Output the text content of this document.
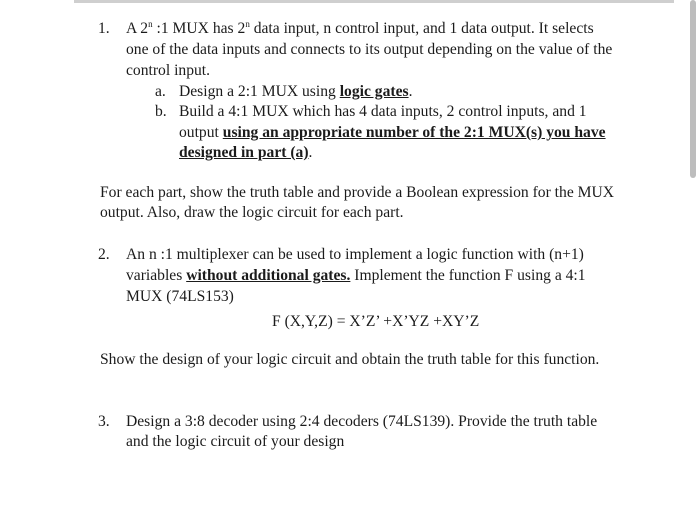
1. A 2$^n$ :1 MUX has 2$^n$ data input, n control input, and 1 data output. It selects
one of the data inputs and connects to its output depending on the value of the
control input.
a. Design a 2:1 MUX using logic gates.
b. Build a 4:1 MUX which has 4 data inputs, 2 control inputs, and 1
output using an appropriate number of the 2:1 MUX(s) you have
designed in part (a).
For each part, show the truth table and provide a Boolean expression for the MUX
output. Also, draw the logic circuit for each part.
2. An n :1 multiplexer can be used to implement a logic function with (n+1)
variables without additional gates. Implement the function F using a 4:1
MUX (74LS153)
F (X,Y,Z) = X’Z’ +X’YZ +XY’Z
Show the design of your logic circuit and obtain the truth table for this function.
3. Design a 3:8 decoder using 2:4 decoders (74LS139). Provide the truth table
and the logic circuit of your design
